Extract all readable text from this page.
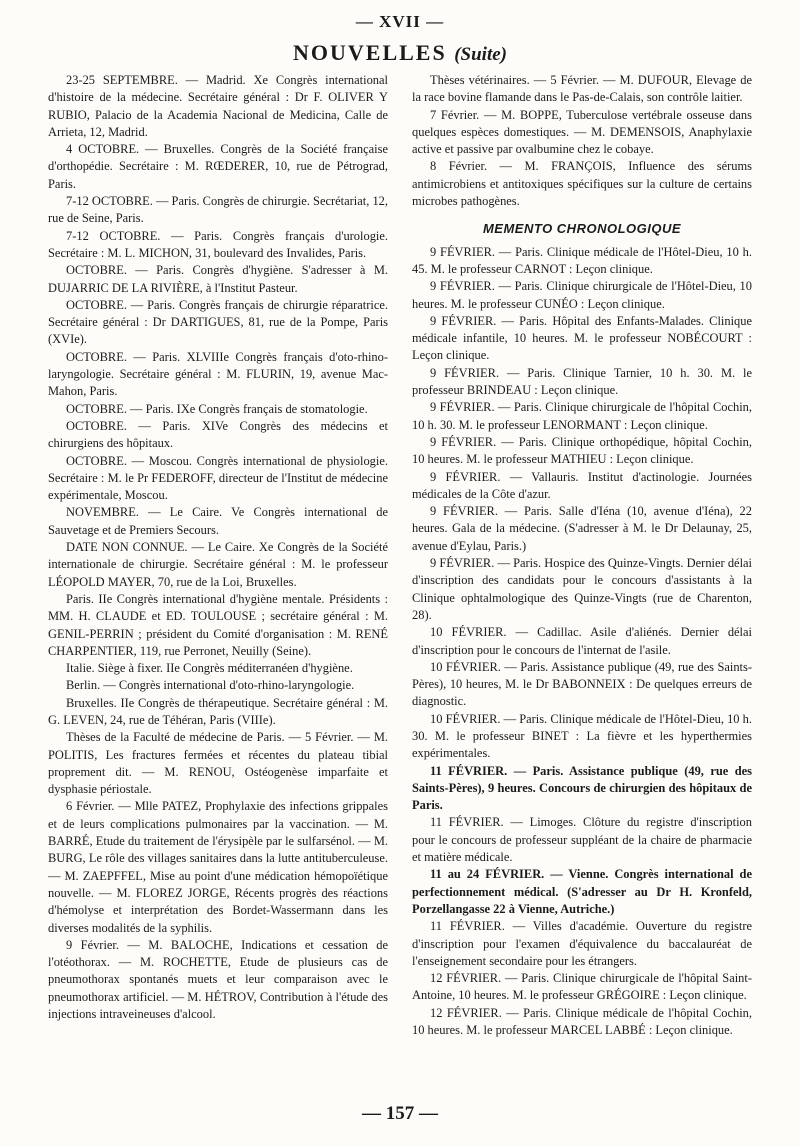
— XVII —
NOUVELLES (Suite)

23-25 SEPTEMBRE. — Madrid. Xe Congrès international d'histoire de la médecine. Secrétaire général : Dr F. OLIVER Y RUBIO, Palacio de la Academia Nacional de Medicina, Calle de Arrieta, 12, Madrid.

4 OCTOBRE. — Bruxelles. Congrès de la Société française d'orthopédie. Secrétaire : M. RŒDERER, 10, rue de Pétrograd, Paris.

7-12 OCTOBRE. — Paris. Congrès de chirurgie. Secrétariat, 12, rue de Seine, Paris.

7-12 OCTOBRE. — Paris. Congrès français d'urologie. Secrétaire : M. L. MICHON, 31, boulevard des Invalides, Paris.

OCTOBRE. — Paris. Congrès d'hygiène. S'adresser à M. DUJARRIC DE LA RIVIÈRE, à l'Institut Pasteur.

OCTOBRE. — Paris. Congrès français de chirurgie réparatrice. Secrétaire général : Dr DARTIGUES, 81, rue de la Pompe, Paris (XVIe).

OCTOBRE. — Paris. XLVIIIe Congrès français d'oto-rhino-laryngologie. Secrétaire général : M. FLURIN, 19, avenue Mac-Mahon, Paris.

OCTOBRE. — Paris. IXe Congrès français de stomatologie.

OCTOBRE. — Paris. XIVe Congrès des médecins et chirurgiens des hôpitaux.

OCTOBRE. — Moscou. Congrès international de physiologie. Secrétaire : M. le Pr FEDEROFF, directeur de l'Institut de médecine expérimentale, Moscou.

NOVEMBRE. — Le Caire. Ve Congrès international de Sauvetage et de Premiers Secours.

DATE NON CONNUE. — Le Caire. Xe Congrès de la Société internationale de chirurgie. Secrétaire général : M. le professeur LÉOPOLD MAYER, 70, rue de la Loi, Bruxelles.

Paris. IIe Congrès international d'hygiène mentale. Présidents : MM. H. CLAUDE et ED. TOULOUSE ; secrétaire général : M. GENIL-PERRIN ; président du Comité d'organisation : M. RENÉ CHARPENTIER, 119, rue Perronet, Neuilly (Seine).

Italie. Siège à fixer. IIe Congrès méditerranéen d'hygiène.

Berlin. — Congrès international d'oto-rhino-laryngologie.

Bruxelles. IIe Congrès de thérapeutique. Secrétaire général : M. G. LEVEN, 24, rue de Téhéran, Paris (VIIIe).

Thèses de la Faculté de médecine de Paris. — 5 Février. — M. POLITIS, Les fractures fermées et récentes du plateau tibial proprement dit. — M. RENOU, Ostéogenèse imparfaite et dysphasie périostale.

6 Février. — Mlle PATEZ, Prophylaxie des infections grippales et de leurs complications pulmonaires par la vaccination. — M. BARRÉ, Etude du traitement de l'érysipèle par le sulfarsénol. — M. BURG, Le rôle des villages sanitaires dans la lutte antituberculeuse. — M. ZAEPFFEL, Mise au point d'une médication hémopoïétique nouvelle. — M. FLOREZ JORGE, Récents progrès des réactions d'hémolyse et interprétation des Bordet-Wassermann dans les diverses modalités de la syphilis.

9 Février. — M. BALOCHE, Indications et cessation de l'otéothorax. — M. ROCHETTE, Etude de plusieurs cas de pneumothorax spontanés muets et leur comparaison avec le pneumothorax artificiel. — M. HÉTROV, Contribution à l'étude des injections intraveineuses d'alcool.

Thèses vétérinaires. — 5 Février. — M. DUFOUR, Elevage de la race bovine flamande dans le Pas-de-Calais, son contrôle laitier.

7 Février. — M. BOPPE, Tuberculose vertébrale osseuse dans quelques espèces domestiques. — M. DEMENSOIS, Anaphylaxie active et passive par ovalbumine chez le cobaye.

8 Février. — M. FRANÇOIS, Influence des sérums antimicrobiens et antitoxiques spécifiques sur la culture de certains microbes pathogènes.

MEMENTO CHRONOLOGIQUE

9 FÉVRIER. — Paris. Clinique médicale de l'Hôtel-Dieu, 10 h. 45. M. le professeur CARNOT : Leçon clinique.

9 FÉVRIER. — Paris. Clinique chirurgicale de l'Hôtel-Dieu, 10 heures. M. le professeur CUNÉO : Leçon clinique.

9 FÉVRIER. — Paris. Hôpital des Enfants-Malades. Clinique médicale infantile, 10 heures. M. le professeur NOBÉCOURT : Leçon clinique.

9 FÉVRIER. — Paris. Clinique Tarnier, 10 h. 30. M. le professeur BRINDEAU : Leçon clinique.

9 FÉVRIER. — Paris. Clinique chirurgicale de l'hôpital Cochin, 10 h. 30. M. le professeur LENORMANT : Leçon clinique.

9 FÉVRIER. — Paris. Clinique orthopédique, hôpital Cochin, 10 heures. M. le professeur MATHIEU : Leçon clinique.

9 FÉVRIER. — Vallauris. Institut d'actinologie. Journées médicales de la Côte d'azur.

9 FÉVRIER. — Paris. Salle d'Iéna (10, avenue d'Iéna), 22 heures. Gala de la médecine. (S'adresser à M. le Dr Delaunay, 25, avenue d'Eylau, Paris.)

9 FÉVRIER. — Paris. Hospice des Quinze-Vingts. Dernier délai d'inscription des candidats pour le concours d'assistants à la Clinique ophtalmologique des Quinze-Vingts (rue de Charenton, 28).

10 FÉVRIER. — Cadillac. Asile d'aliénés. Dernier délai d'inscription pour le concours de l'internat de l'asile.

10 FÉVRIER. — Paris. Assistance publique (49, rue des Saints-Pères), 10 heures, M. le Dr BABONNEIX : De quelques erreurs de diagnostic.

10 FÉVRIER. — Paris. Clinique médicale de l'Hôtel-Dieu, 10 h. 30. M. le professeur BINET : La fièvre et les hyperthermies expérimentales.

11 FÉVRIER. — Paris. Assistance publique (49, rue des Saints-Pères), 9 heures. Concours de chirurgien des hôpitaux de Paris.

11 FÉVRIER. — Limoges. Clôture du registre d'inscription pour le concours de professeur suppléant de la chaire de pharmacie et matière médicale.

11 au 24 FÉVRIER. — Vienne. Congrès international de perfectionnement médical. (S'adresser au Dr H. Kronfeld, Porzellangasse 22 à Vienne, Autriche.)

11 FÉVRIER. — Villes d'académie. Ouverture du registre d'inscription pour l'examen d'équivalence du baccalauréat de l'enseignement secondaire pour les étrangers.

12 FÉVRIER. — Paris. Clinique chirurgicale de l'hôpital Saint-Antoine, 10 heures. M. le professeur GRÉGOIRE : Leçon clinique.

12 FÉVRIER. — Paris. Clinique médicale de l'hôpital Cochin, 10 heures. M. le professeur MARCEL LABBÉ : Leçon clinique.

— 157 —
